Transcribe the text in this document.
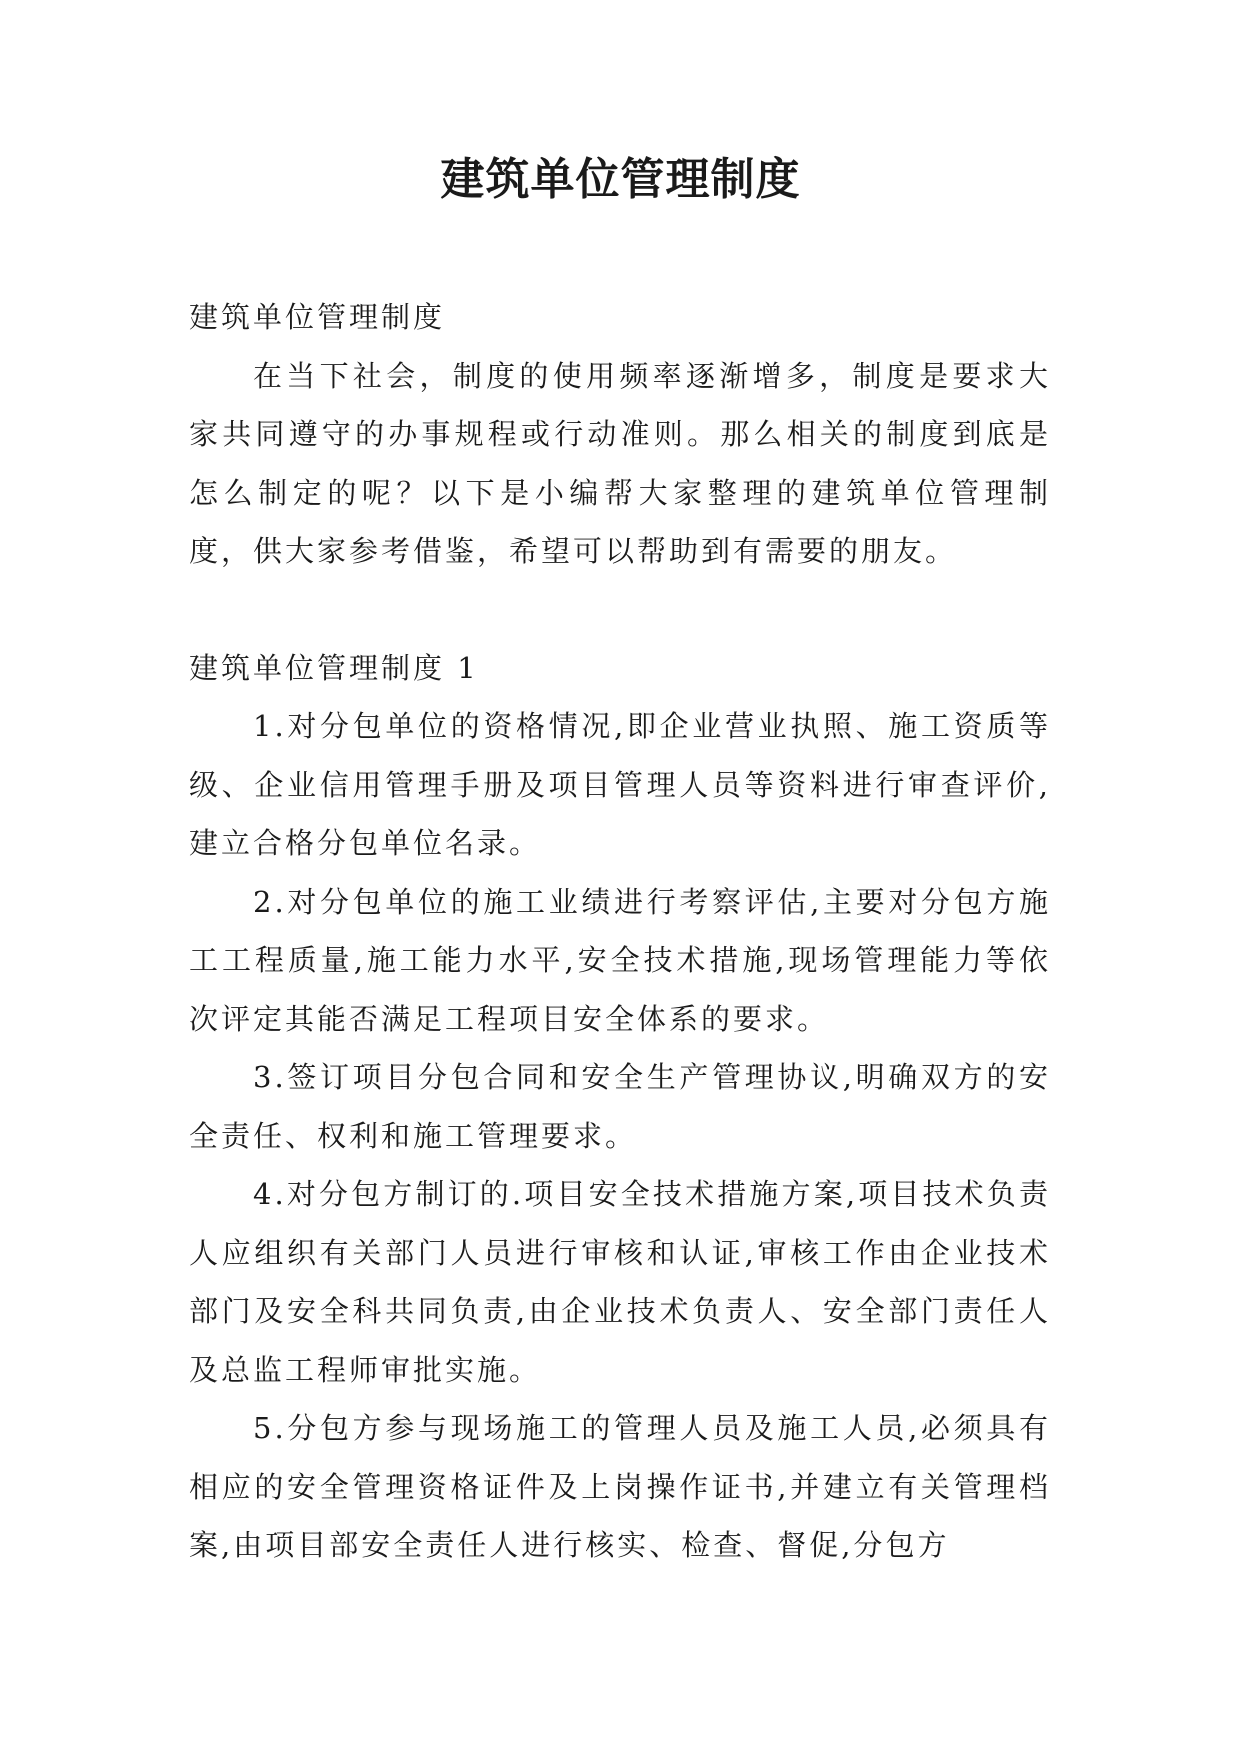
建筑单位管理制度

建筑单位管理制度

在当下社会，制度的使用频率逐渐增多，制度是要求大家共同遵守的办事规程或行动准则。那么相关的制度到底是怎么制定的呢？以下是小编帮大家整理的建筑单位管理制度，供大家参考借鉴，希望可以帮助到有需要的朋友。

建筑单位管理制度 1

1.对分包单位的资格情况,即企业营业执照、施工资质等级、企业信用管理手册及项目管理人员等资料进行审查评价,建立合格分包单位名录。

2.对分包单位的施工业绩进行考察评估,主要对分包方施工工程质量,施工能力水平,安全技术措施,现场管理能力等依次评定其能否满足工程项目安全体系的要求。

3.签订项目分包合同和安全生产管理协议,明确双方的安全责任、权利和施工管理要求。

4.对分包方制订的.项目安全技术措施方案,项目技术负责人应组织有关部门人员进行审核和认证,审核工作由企业技术部门及安全科共同负责,由企业技术负责人、安全部门责任人及总监工程师审批实施。

5.分包方参与现场施工的管理人员及施工人员,必须具有相应的安全管理资格证件及上岗操作证书,并建立有关管理档案,由项目部安全责任人进行核实、检查、督促,分包方
